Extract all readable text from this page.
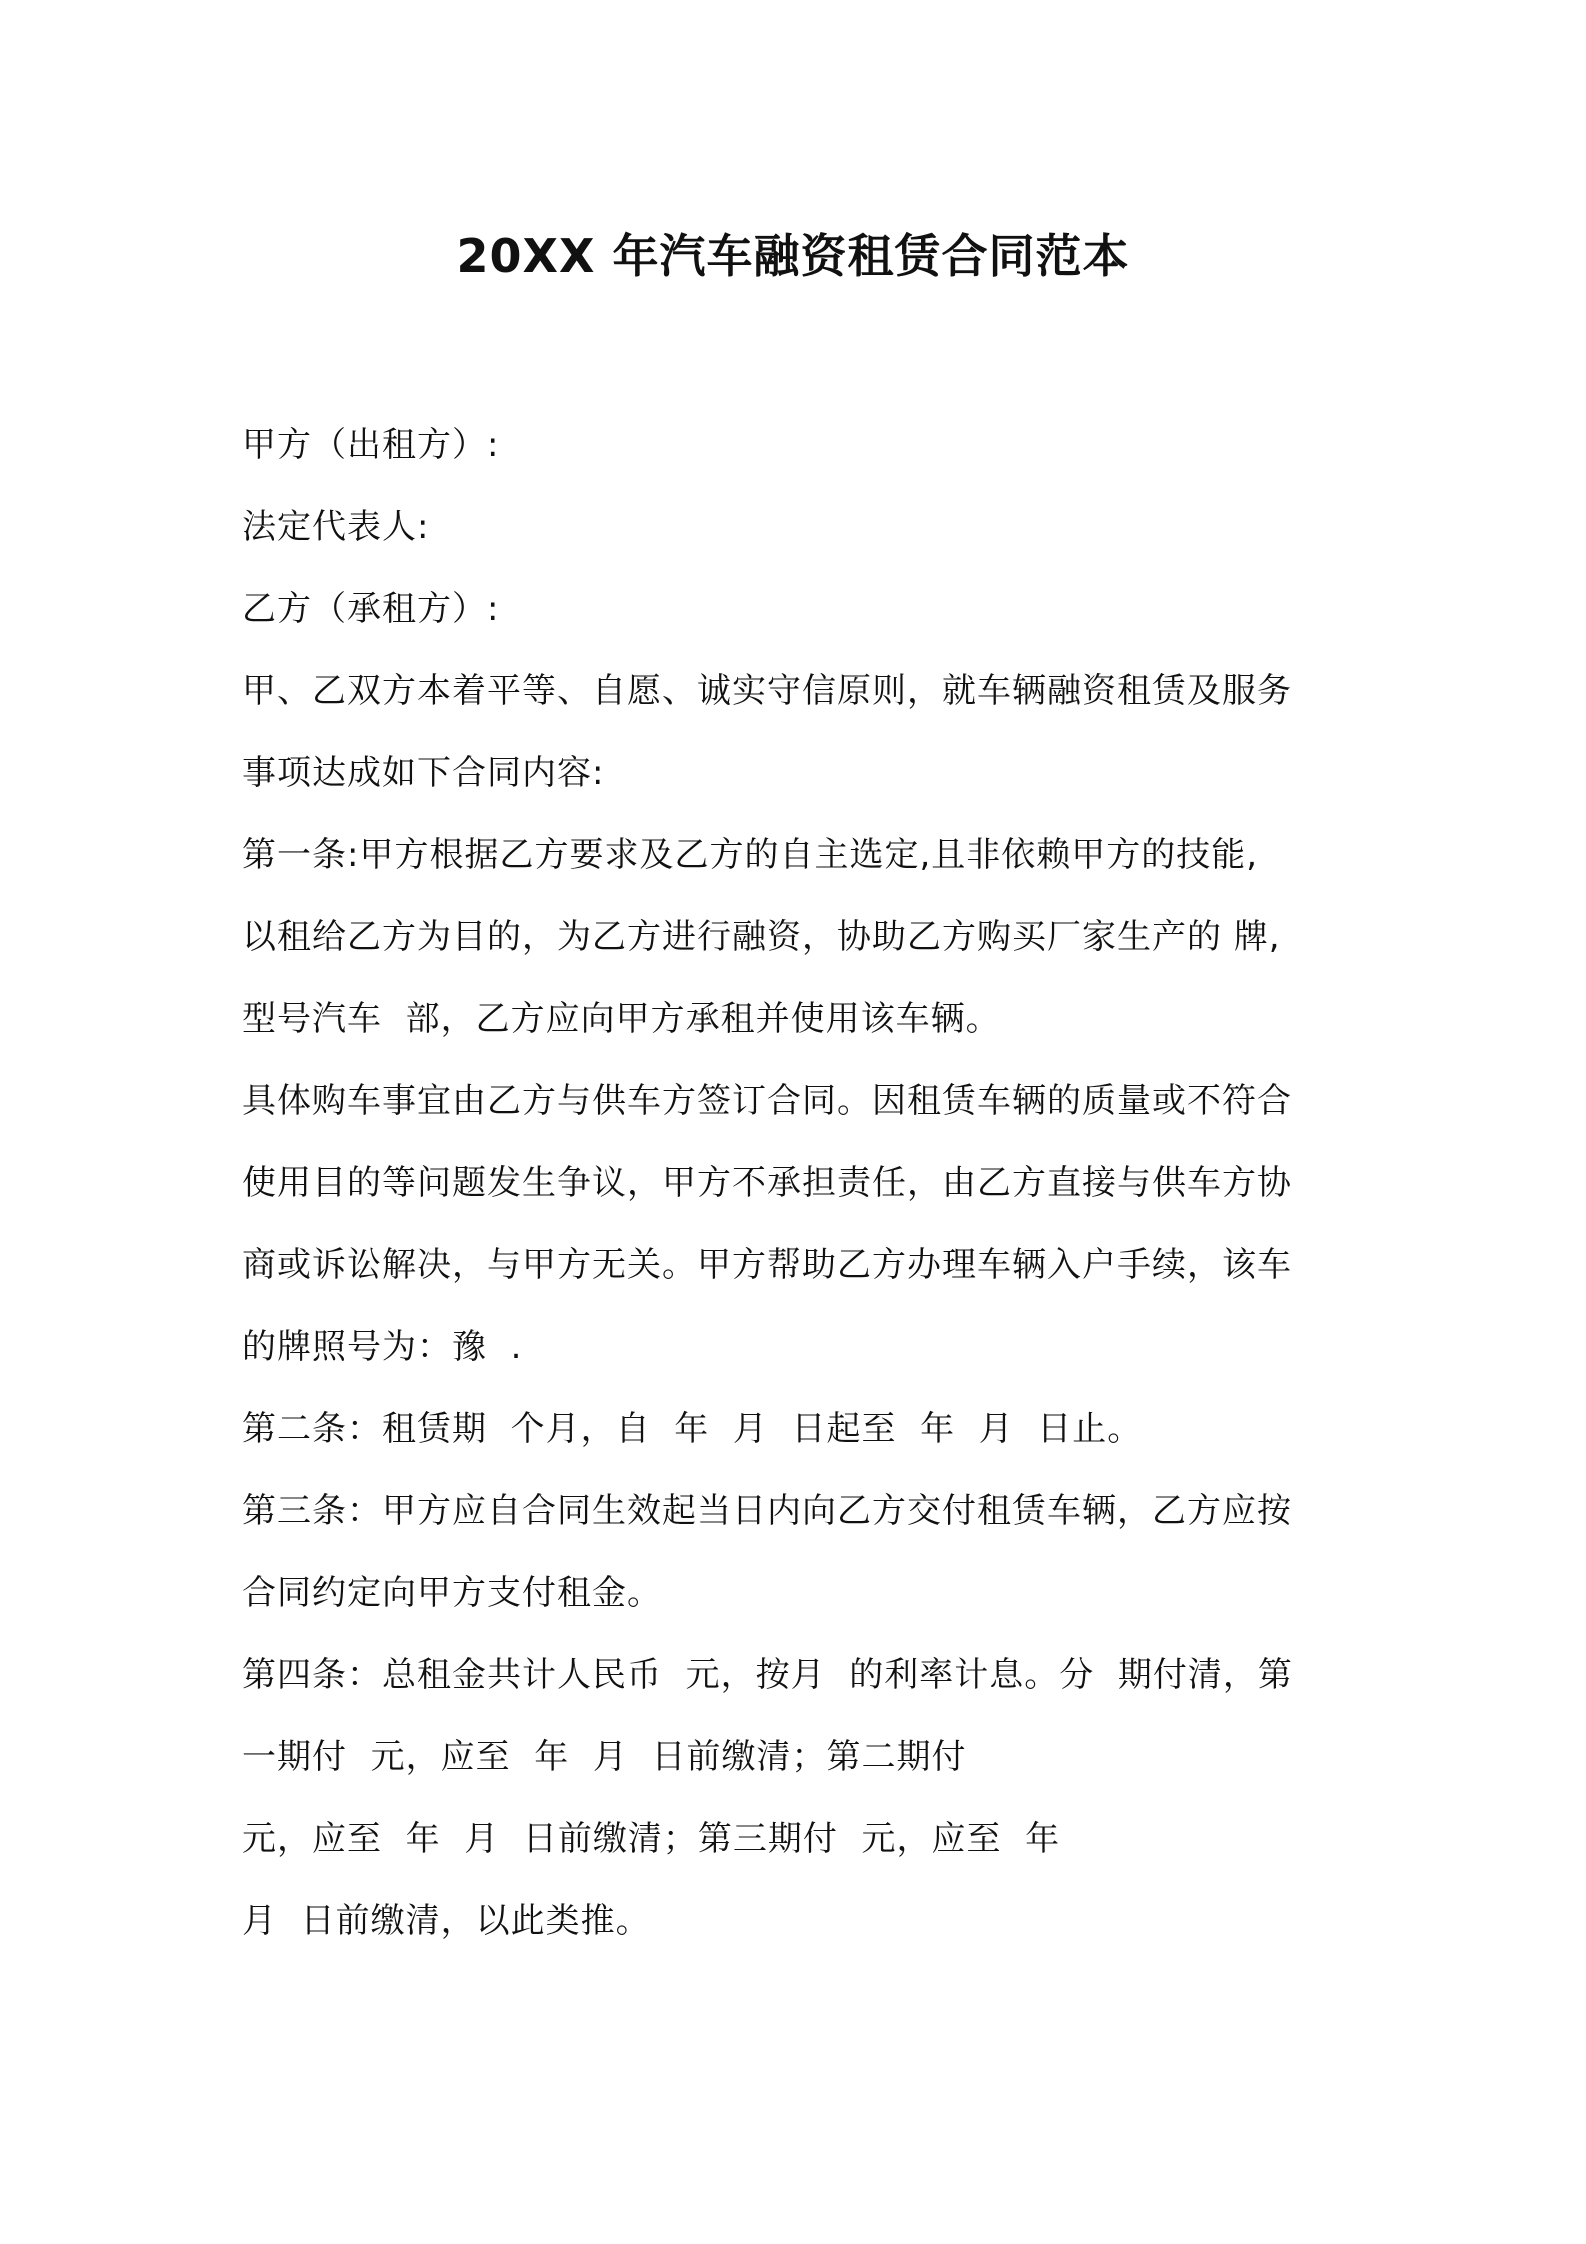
20XX 年汽车融资租赁合同范本
甲方（出租方）:
法定代表人:
乙方（承租方）:
甲、乙双方本着平等、自愿、诚实守信原则，就车辆融资租赁及服务
事项达成如下合同内容:
第一条:甲方根据乙方要求及乙方的自主选定,且非依赖甲方的技能,
以租给乙方为目的，为乙方进行融资，协助乙方购买厂家生产的 牌,
型号汽车  部，乙方应向甲方承租并使用该车辆。
具体购车事宜由乙方与供车方签订合同。因租赁车辆的质量或不符合
使用目的等问题发生争议，甲方不承担责任，由乙方直接与供车方协
商或诉讼解决，与甲方无关。甲方帮助乙方办理车辆入户手续，该车
的牌照号为：豫  .
第二条：租赁期  个月，自  年  月  日起至  年  月  日止。
第三条：甲方应自合同生效起当日内向乙方交付租赁车辆，乙方应按
合同约定向甲方支付租金。
第四条：总租金共计人民币  元，按月  的利率计息。分  期付清，第
一期付  元，应至  年  月  日前缴清；第二期付
元，应至  年  月  日前缴清；第三期付  元，应至  年
月  日前缴清，以此类推。
